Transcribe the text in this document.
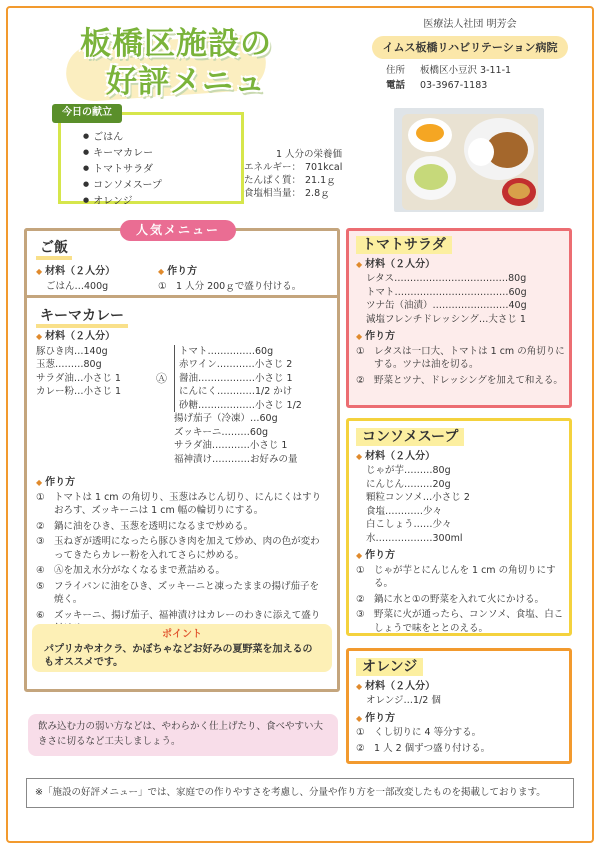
板橋区施設の
好評メニュ
医療法人社団 明芳会
イムス板橋リハビリテーション病院
住所 板橋区小豆沢 3-11-1
電話 03-3967-1183
● ごはん
● キーマカレー
● トマトサラダ
● コンソメスープ
● オレンジ
今日の献立
1 人分の栄養価
エネルギー： 701kcal
たんぱく質： 21.1ｇ
食塩相当量： 2.8ｇ
人気メニュー
ご飯
◆ 材料（２人分）
ごはん…400g
◆ 作り方
① 1 人分 200ｇで盛り付ける。
キーマカレー
◆ 材料（２人分）
豚ひき肉…140g
玉葱………80g
サラダ油…小さじ 1
カレー粉…小さじ 1
Ⓐ
トマト……………60g
赤ワイン…………小さじ 2
醤油………………小さじ 1
にんにく…………1/2 かけ
砂糖………………小さじ 1/2
揚げ茄子（冷凍）…60g
ズッキーニ………60g
サラダ油…………小さじ 1
福神漬け…………お好みの量
◆ 作り方
① トマトは 1 cm の角切り、玉葱はみじん切り、にんにくはすりおろす、ズッキーニは 1 cm 幅の輪切りにする。
② 鍋に油をひき、玉葱を透明になるまで炒める。
③ 玉ねぎが透明になったら豚ひき肉を加えて炒め、肉の色が変わってきたらカレー粉を入れてさらに炒める。
④ Ⓐを加え水分がなくなるまで煮詰める。
⑤ フライパンに油をひき、ズッキーニと凍ったままの揚げ茄子を焼く。
⑥ ズッキーニ、揚げ茄子、福神漬けはカレーのわきに添えて盛り
ポイント
パプリカやオクラ、かぼちゃなどお好みの夏野菜を加えるのもオススメです。
トマトサラダ
◆ 材料（２人分）
レタス………………………………80g
トマト………………………………60g
ツナ缶（油漬）……………………40g
減塩フレンチドレッシング…大さじ 1
◆ 作り方
① レタスは一口大、トマトは 1 cm の角切りにする。ツナは油を切る。
② 野菜とツナ、ドレッシングを加えて和える。
コンソメスープ
◆ 材料（２人分）
じゃが芋………80g
にんじん………20g
顆粒コンソメ…小さじ 2
食塩…………少々
白こしょう……少々
水………………300ml
◆ 作り方
① じゃが芋とにんじんを 1 cm の角切りにする。
② 鍋に水と①の野菜を入れて火にかける。
③ 野菜に火が通ったら、コンソメ、食塩、白こしょうで味をととのえる。
オレンジ
◆ 材料（２人分）
オレンジ…1/2 個
◆ 作り方
① くし切りに 4 等分する。
② 1 人 2 個ずつ盛り付ける。
飲み込む力の弱い方などは、やわらかく仕上げたり、食べやすい大きさに切るなど工夫しましょう。
※「施設の好評メニュー」では、家庭での作りやすさを考慮し、分量や作り方を一部改変したものを掲載しております。
